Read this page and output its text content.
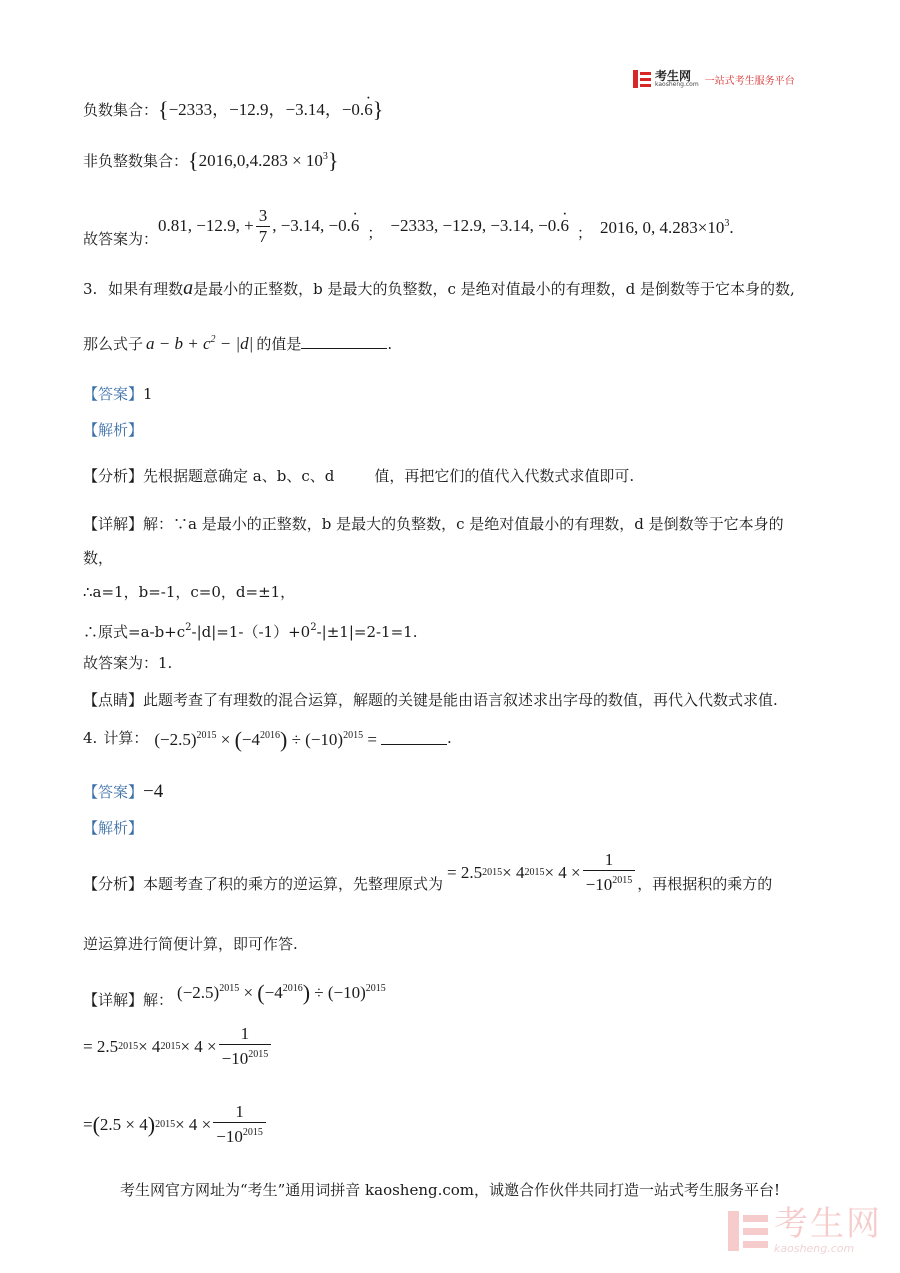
考生网
kaosheng.com 一站式考生服务平台
负数集合：{−2333，−12.9，−3.14，−0.6 ·}
非负整数集合：$\{2016,0,4.283 \times 10^3\}$
故答案为：
0.81, −12.9, + $\frac{3}{7}$ , −3.14, −0. 6 · ； −2333, −12.9, −3.14, −0.6 · ； 2016, 0, $4.283\times 10^3$.
3. 如果有理数a是最小的正整数，b 是最大的负整数，c 是绝对值最小的有理数，d 是倒数等于它本身的数,
那么式子 $a - b + c^2 - |d|$ 的值是	.
【答案】1
【解析】
【分析】先根据题意确定 a、b、c、d	值，再把它们的值代入代数式求值即可.
【详解】解：∵a 是最小的正整数，b 是最大的负整数，c 是绝对值最小的有理数，d 是倒数等于它本身的
数，
∴a=1，b=-1，c=0，d=±1，
∴原式$=a-b+c^2-|d|=1-(-1)+0^2-|\pm 1|=2-1=1$.
故答案为：1.
【点睛】此题考查了有理数的混合运算，解题的关键是能由语言叙述求出字母的数值，再代入代数式求值.
4. 计算： $(-2.5)^{2015} \times (-4^{2016}) \div (-10)^{2015}$ =	.
【答案】−4
【解析】
【分析】 本题考查了积的乘方的逆运算，先整理原式为
= 2.5 2015 × 4 $2015 \times 4 \times \frac{1}{-10^{2015}}$ ，再根据积的乘方的
逆运算进行简便计算，即可作答.
【详解】 解： $(-2.5)^{2015} \times (-4^{2016}) \div (-10)^{2015}$
= 2.5 2015 × 4 $2015 \times 4 \times \frac{1}{-10^{2015}}$
= ( 2.5 × 4 ) $2015 \times 4 \times \frac{1}{-10^{2015}}$
考生网官方网址为“考生”通用词拼音 kaosheng.com，诚邀合作伙伴共同打造一站式考生服务平台!
考生网
kaosheng.com
